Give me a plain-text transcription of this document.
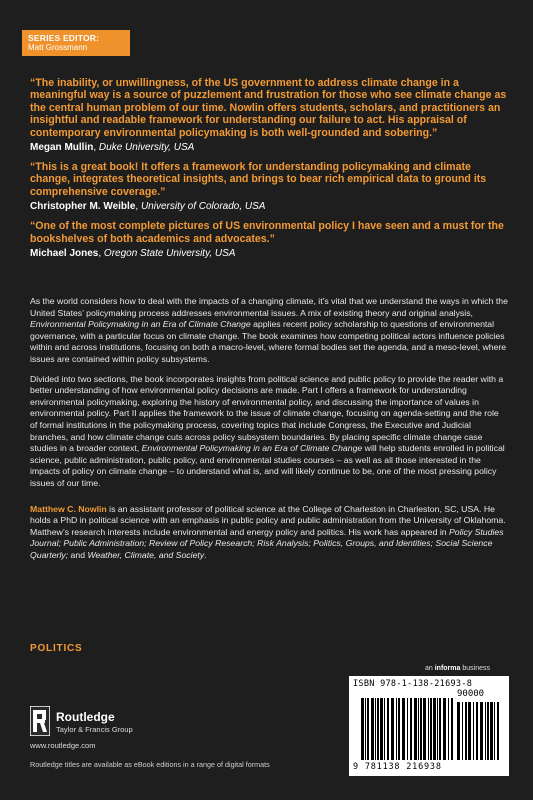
SERIES EDITOR:
Matt Grossmann
“The inability, or unwillingness, of the US government to address climate change in a meaningful way is a source of puzzlement and frustration for those who see climate change as the central human problem of our time. Nowlin offers students, scholars, and practitioners an insightful and readable framework for understanding our failure to act. His appraisal of contemporary environmental policymaking is both well-grounded and sobering.”
Megan Mullin, Duke University, USA
“This is a great book! It offers a framework for understanding policymaking and climate change, integrates theoretical insights, and brings to bear rich empirical data to ground its comprehensive coverage.”
Christopher M. Weible, University of Colorado, USA
“One of the most complete pictures of US environmental policy I have seen and a must for the bookshelves of both academics and advocates.”
Michael Jones, Oregon State University, USA

As the world considers how to deal with the impacts of a changing climate, it’s vital that we understand the ways in which the United States’ policymaking process addresses environmental issues. A mix of existing theory and original analysis, Environmental Policymaking in an Era of Climate Change applies recent policy scholarship to questions of environmental governance, with a particular focus on climate change. The book examines how competing political actors influence policies within and across institutions, focusing on both a macro-level, where formal bodies set the agenda, and a meso-level, where issues are contained within policy subsystems.

Divided into two sections, the book incorporates insights from political science and public policy to provide the reader with a better understanding of how environmental policy decisions are made. Part I offers a framework for understanding environmental policymaking, exploring the history of environmental policy, and discussing the importance of values in environmental policy. Part II applies the framework to the issue of climate change, focusing on agenda-setting and the role of formal institutions in the policymaking process, covering topics that include Congress, the Executive and Judicial branches, and how climate change cuts across policy subsystem boundaries. By placing specific climate change case studies in a broader context, Environmental Policymaking in an Era of Climate Change will help students enrolled in political science, public administration, public policy, and environmental studies courses – as well as all those interested in the impacts of policy on climate change – to understand what is, and will likely continue to be, one of the most pressing policy issues of our time.

Matthew C. Nowlin is an assistant professor of political science at the College of Charleston in Charleston, SC, USA. He holds a PhD in political science with an emphasis in public policy and public administration from the University of Oklahoma. Matthew’s research interests include environmental and energy policy and politics. His work has appeared in Policy Studies Journal; Public Administration; Review of Policy Research; Risk Analysis; Politics, Groups, and Identities; Social Science Quarterly; and Weather, Climate, and Society.

POLITICS
an informa business
Routledge
Taylor & Francis Group
www.routledge.com
ISBN 978-1-138-21693-8
90000
9 781138 216938
Routledge titles are available as eBook editions in a range of digital formats
